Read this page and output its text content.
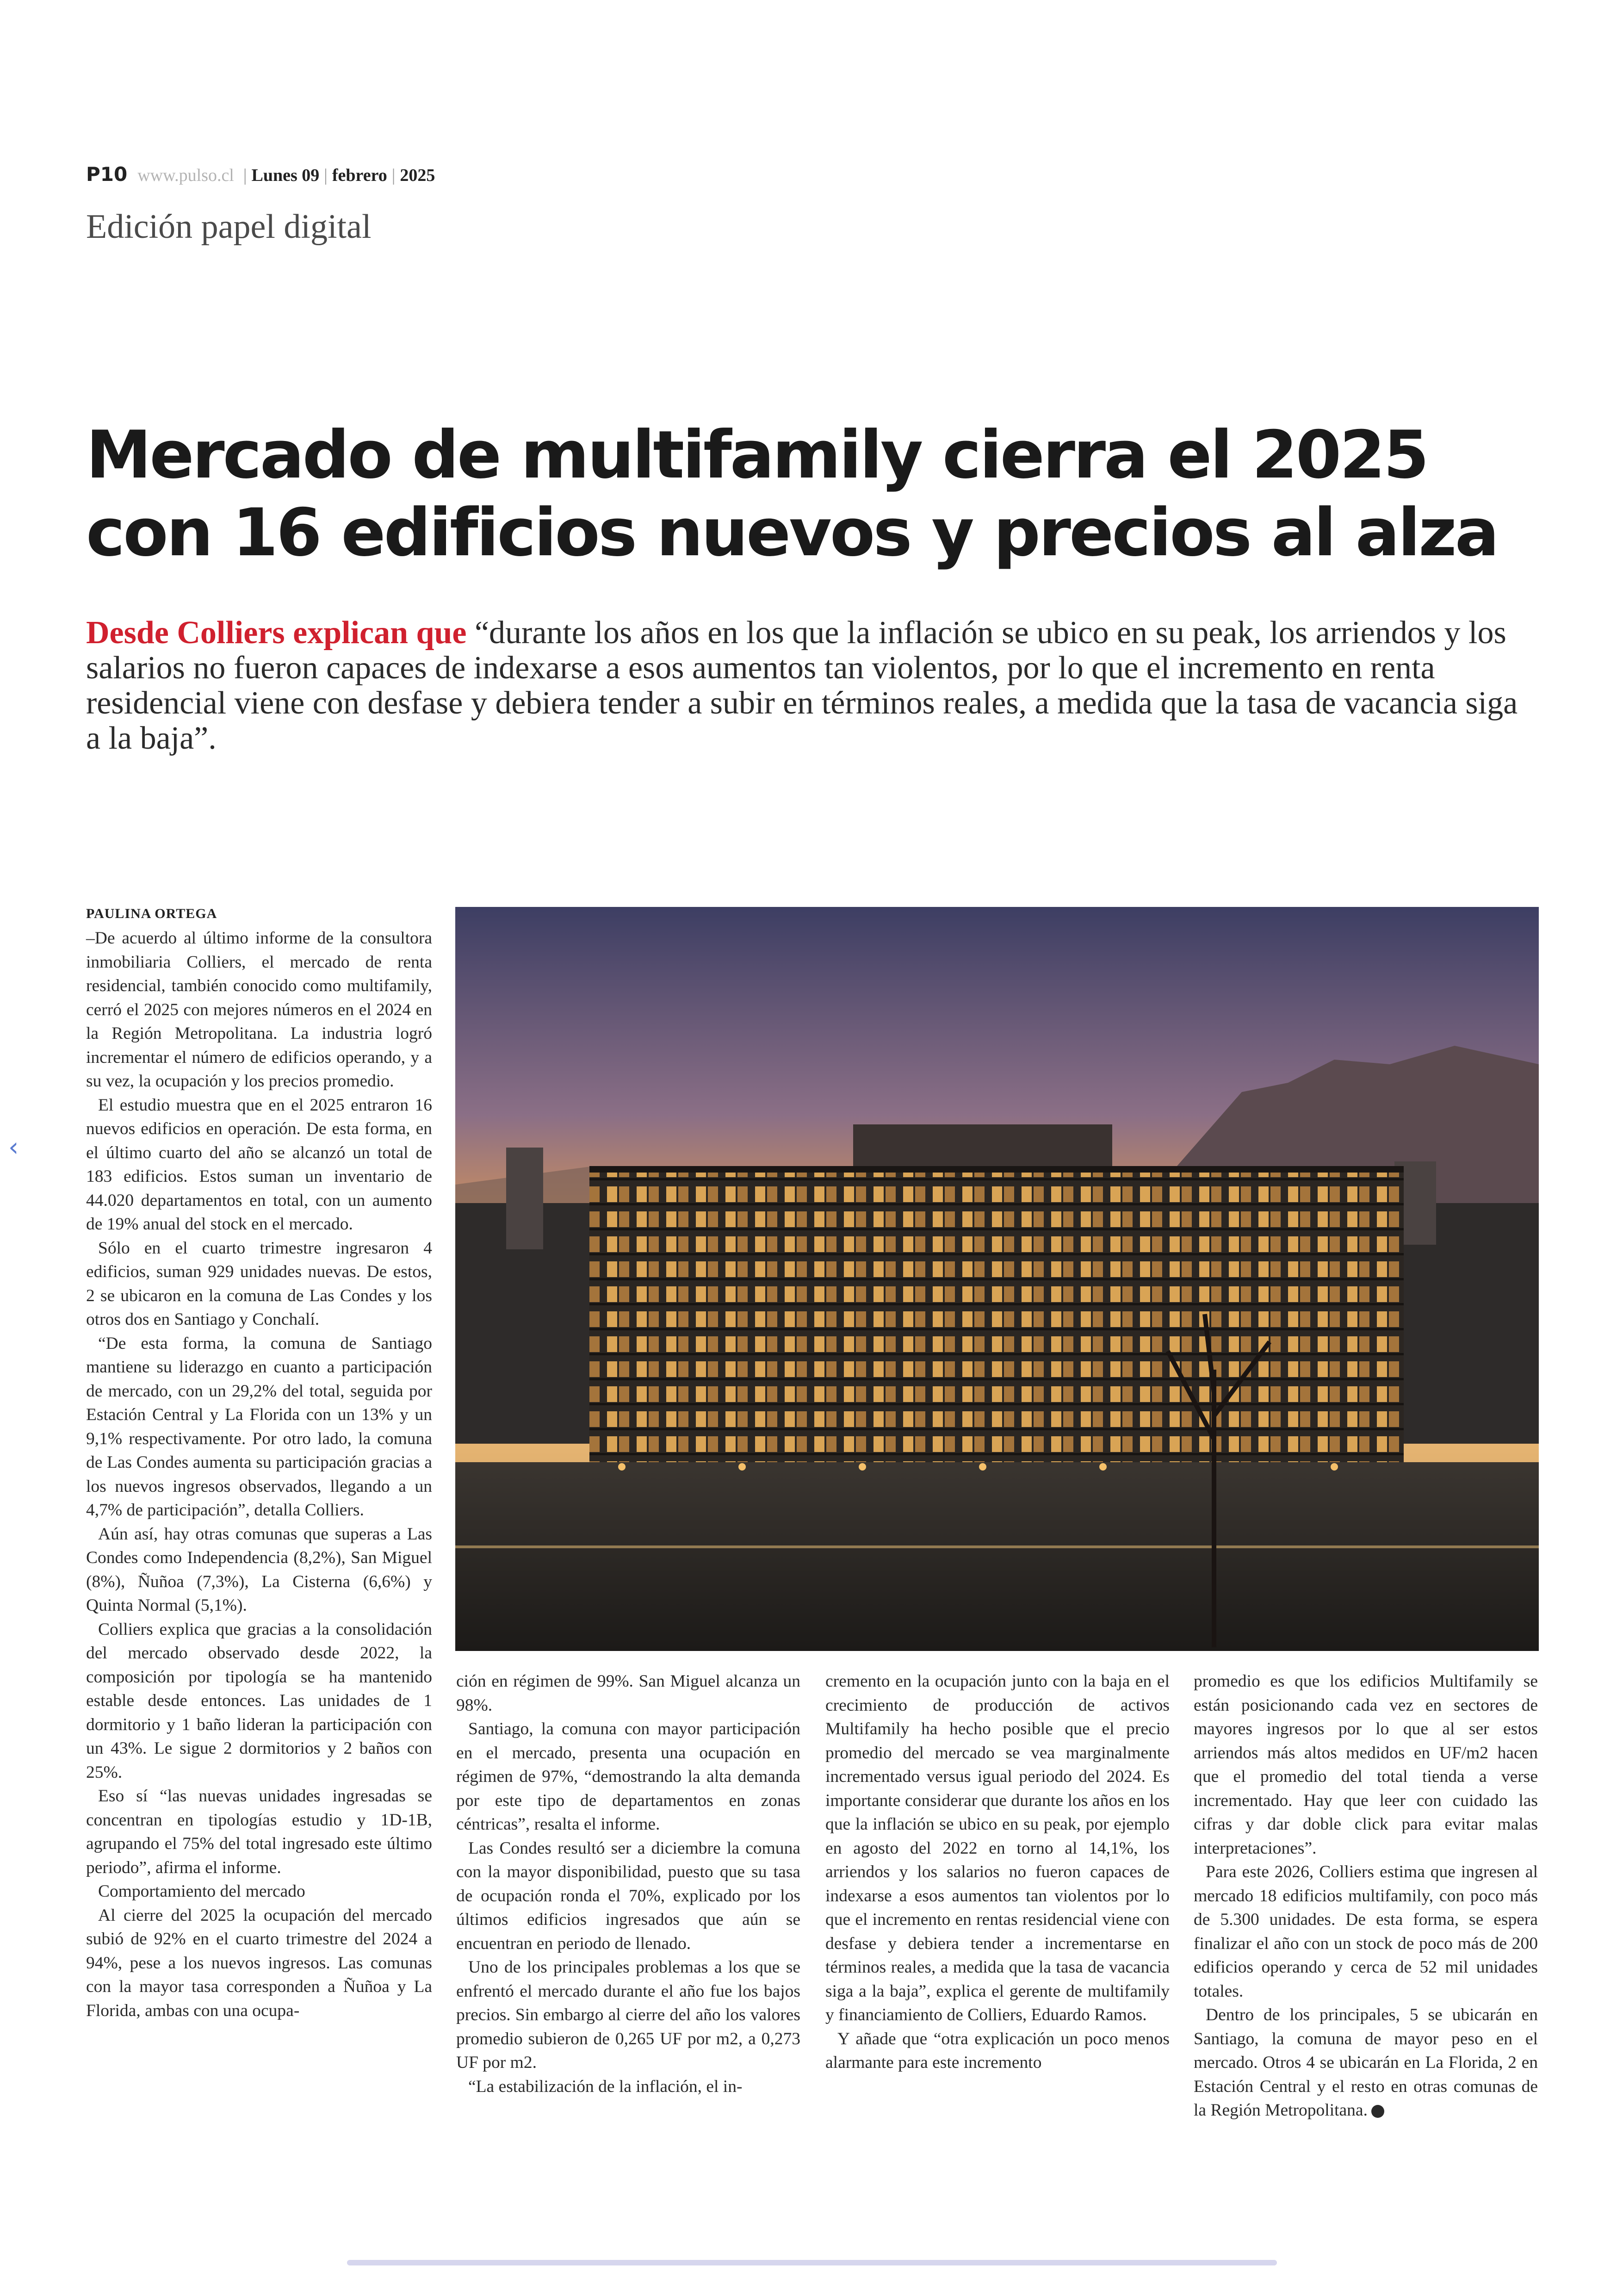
P10 www.pulso.cl | Lunes 09 | febrero | 2025
Edición papel digital
Mercado de multifamily cierra el 2025
con 16 edificios nuevos y precios al alza

Desde Colliers explican que “durante los años en los que la inflación se ubico en su peak, los arriendos y los salarios no fueron capaces de indexarse a esos aumentos tan violentos, por lo que el incremento en renta residencial viene con desfase y debiera tender a subir en términos reales, a medida que la tasa de vacancia siga a la baja”.

PAULINA ORTEGA

–De acuerdo al último informe de la consultora inmobiliaria Colliers, el mercado de renta residencial, también conocido como multifamily, cerró el 2025 con mejores números en el 2024 en la Región Metropolitana. La industria logró incrementar el número de edificios operando, y a su vez, la ocupación y los precios promedio.

El estudio muestra que en el 2025 entraron 16 nuevos edificios en operación. De esta forma, en el último cuarto del año se alcanzó un total de 183 edificios. Estos suman un inventario de 44.020 departamentos en total, con un aumento de 19% anual del stock en el mercado.

Sólo en el cuarto trimestre ingresaron 4 edificios, suman 929 unidades nuevas. De estos, 2 se ubicaron en la comuna de Las Condes y los otros dos en Santiago y Conchalí.

“De esta forma, la comuna de Santiago mantiene su liderazgo en cuanto a participación de mercado, con un 29,2% del total, seguida por Estación Central y La Florida con un 13% y un 9,1% respectivamente. Por otro lado, la comuna de Las Condes aumenta su participación gracias a los nuevos ingresos observados, llegando a un 4,7% de participación”, detalla Colliers.

Aún así, hay otras comunas que superas a Las Condes como Independencia (8,2%), San Miguel (8%), Ñuñoa (7,3%), La Cisterna (6,6%) y Quinta Normal (5,1%).

Colliers explica que gracias a la consolidación del mercado observado desde 2022, la composición por tipología se ha mantenido estable desde entonces. Las unidades de 1 dormitorio y 1 baño lideran la participación con un 43%. Le sigue 2 dormitorios y 2 baños con 25%.

Eso sí “las nuevas unidades ingresadas se concentran en tipologías estudio y 1D-1B, agrupando el 75% del total ingresado este último periodo”, afirma el informe.

Comportamiento del mercado

Al cierre del 2025 la ocupación del mercado subió de 92% en el cuarto trimestre del 2024 a 94%, pese a los nuevos ingresos. Las comunas con la mayor tasa corresponden a Ñuñoa y La Florida, ambas con una ocupa-

ción en régimen de 99%. San Miguel alcanza un 98%.

Santiago, la comuna con mayor participación en el mercado, presenta una ocupación en régimen de 97%, “demostrando la alta demanda por este tipo de departamentos en zonas céntricas”, resalta el informe.

Las Condes resultó ser a diciembre la comuna con la mayor disponibilidad, puesto que su tasa de ocupación ronda el 70%, explicado por los últimos edificios ingresados que aún se encuentran en periodo de llenado.

Uno de los principales problemas a los que se enfrentó el mercado durante el año fue los bajos precios. Sin embargo al cierre del año los valores promedio subieron de 0,265 UF por m2, a 0,273 UF por m2.

“La estabilización de la inflación, el in-

cremento en la ocupación junto con la baja en el crecimiento de producción de activos Multifamily ha hecho posible que el precio promedio del mercado se vea marginalmente incrementado versus igual periodo del 2024. Es importante considerar que durante los años en los que la inflación se ubico en su peak, por ejemplo en agosto del 2022 en torno al 14,1%, los arriendos y los salarios no fueron capaces de indexarse a esos aumentos tan violentos por lo que el incremento en rentas residencial viene con desfase y debiera tender a incrementarse en términos reales, a medida que la tasa de vacancia siga a la baja”, explica el gerente de multifamily y financiamiento de Colliers, Eduardo Ramos.

Y añade que “otra explicación un poco menos alarmante para este incremento

promedio es que los edificios Multifamily se están posicionando cada vez en sectores de mayores ingresos por lo que al ser estos arriendos más altos medidos en UF/m2 hacen que el promedio del total tienda a verse incrementado. Hay que leer con cuidado las cifras y dar doble click para evitar malas interpretaciones”.

Para este 2026, Colliers estima que ingresen al mercado 18 edificios multifamily, con poco más de 5.300 unidades. De esta forma, se espera finalizar el año con un stock de poco más de 200 edificios operando y cerca de 52 mil unidades totales.

Dentro de los principales, 5 se ubicarán en Santiago, la comuna de mayor peso en el mercado. Otros 4 se ubicarán en La Florida, 2 en Estación Central y el resto en otras comunas de la Región Metropolitana.

‹
